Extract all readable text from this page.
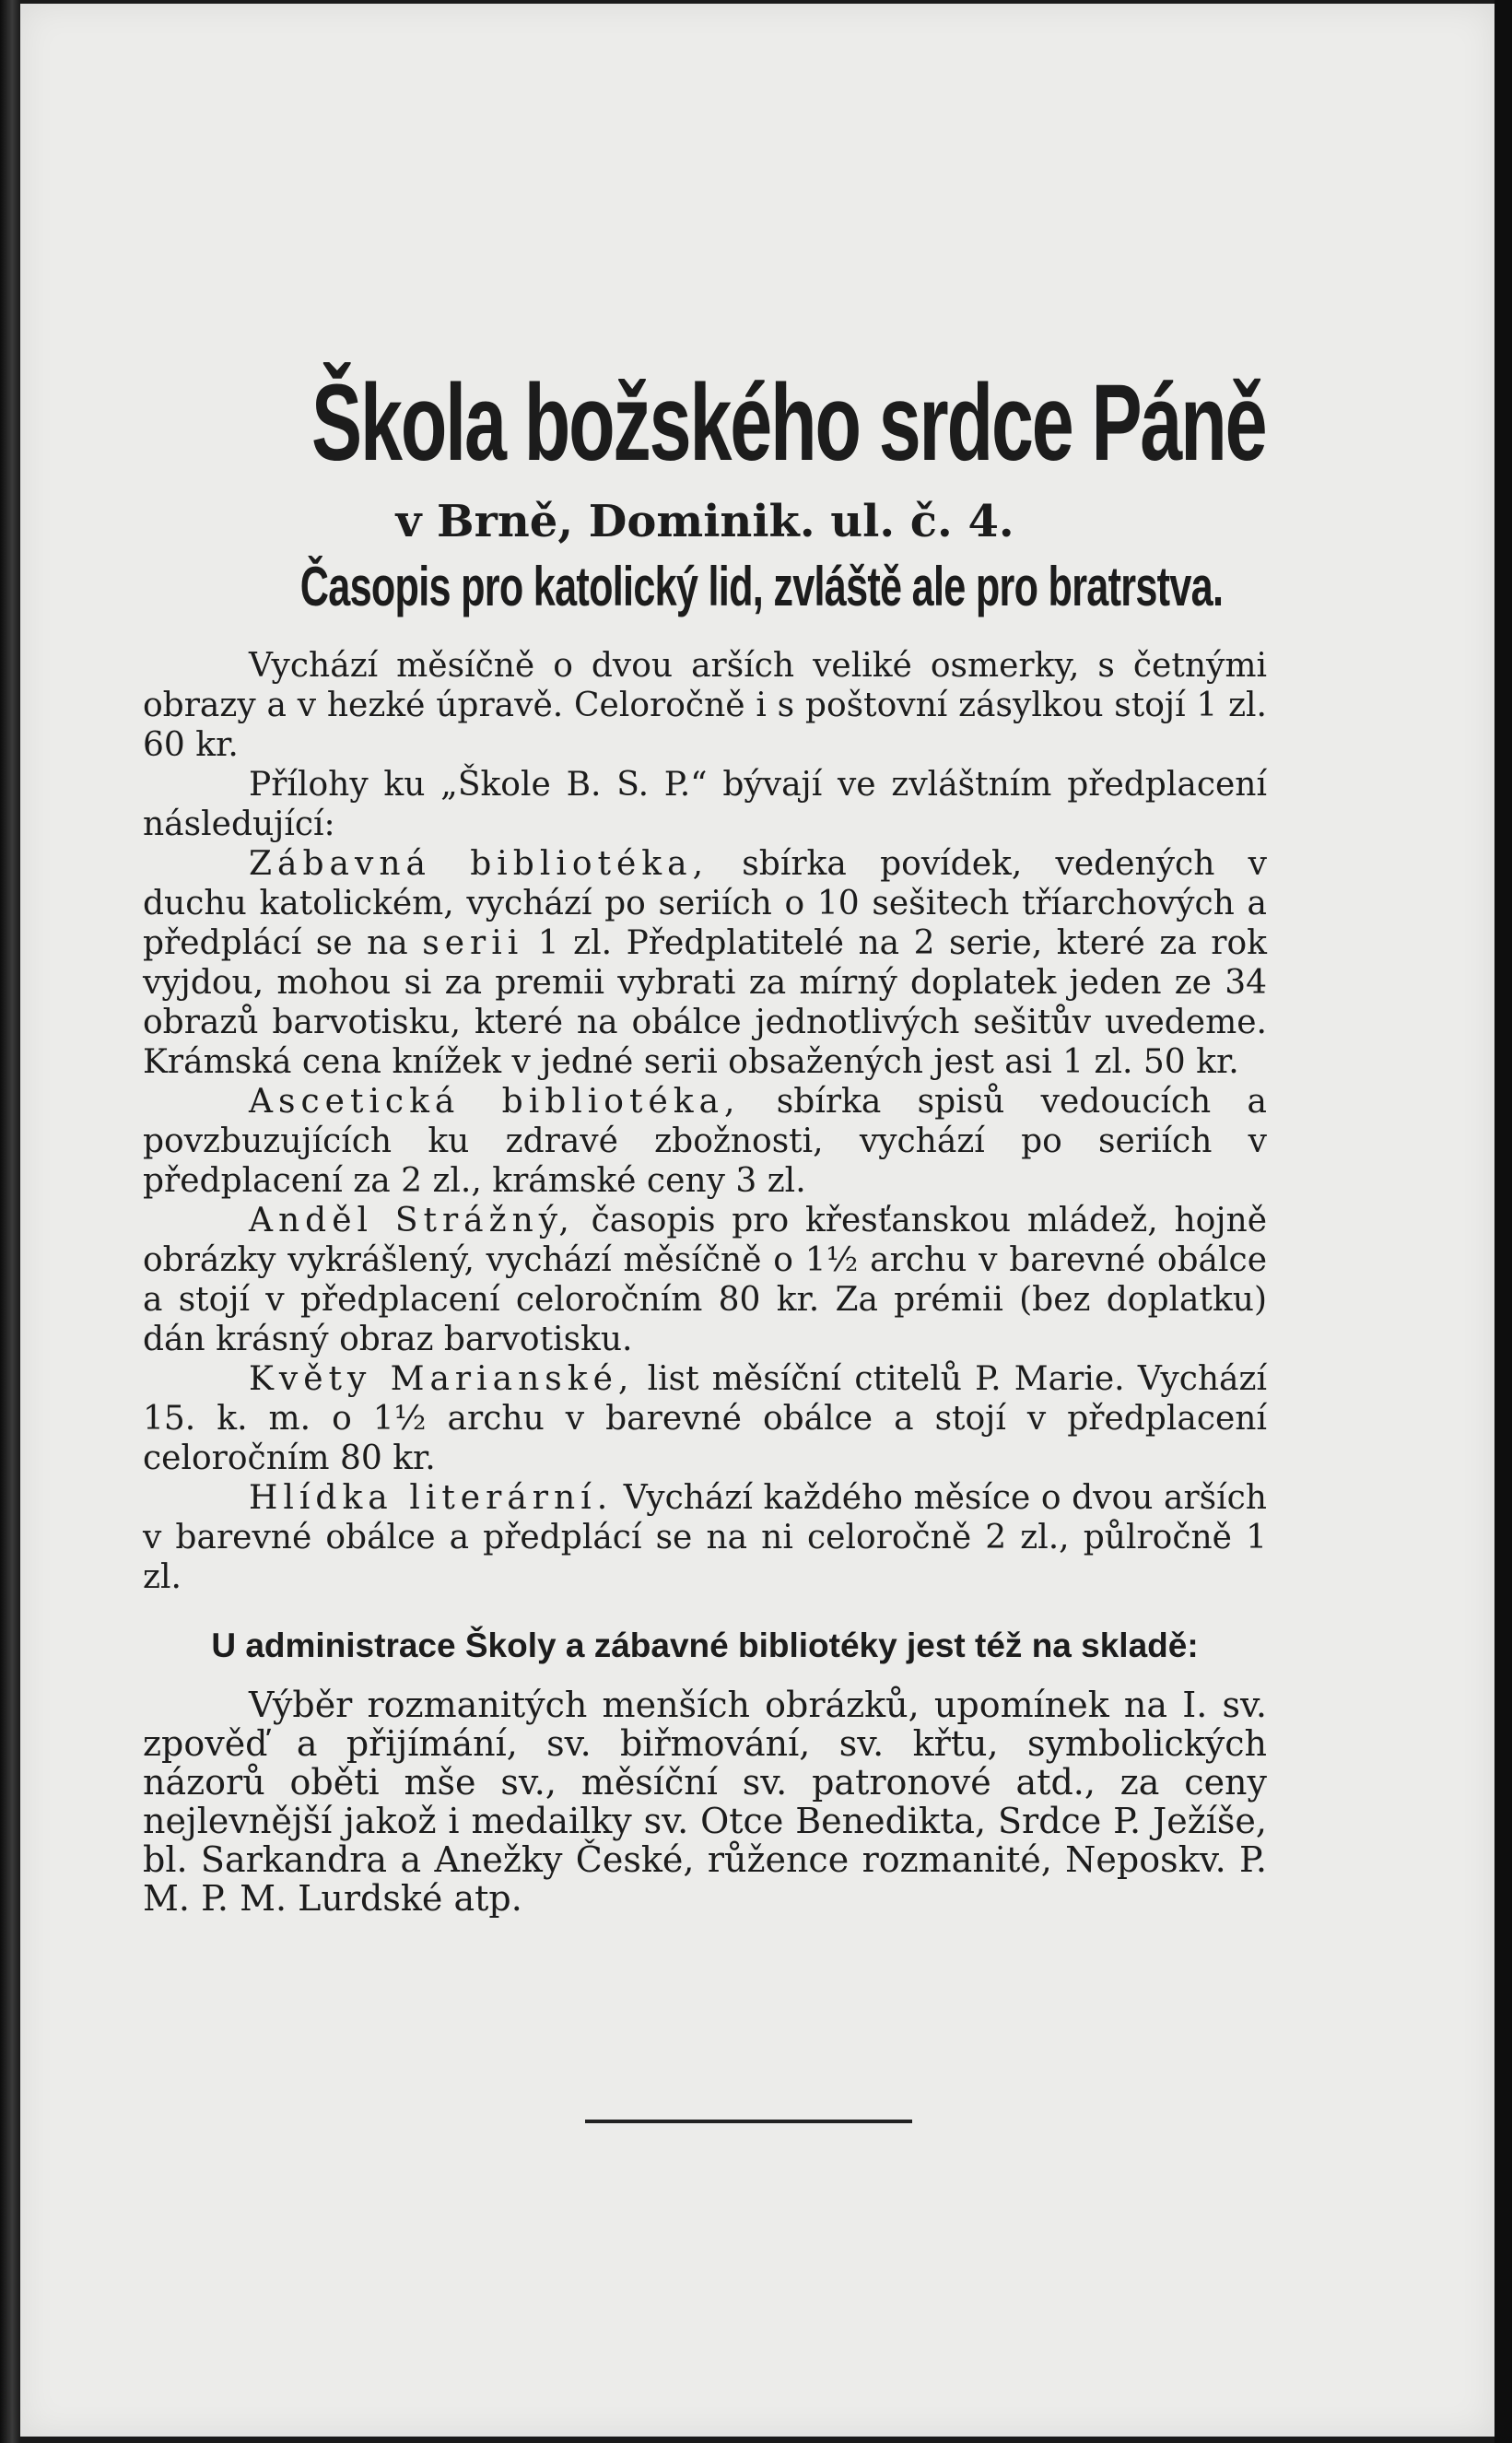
Škola božského srdce Páně
v Brně, Dominik. ul. č. 4.
Časopis pro katolický lid, zvláště ale pro bratrstva.

Vychází měsíčně o dvou arších veliké osmerky, s četnými obrazy a v hezké úpravě. Celoročně i s poštovní zásylkou stojí 1 zl. 60 kr.

Přílohy ku „Škole B. S. P.“ bývají ve zvláštním předplacení následující:

Zábavná bibliotéka, sbírka povídek, vedených v duchu katolickém, vychází po seriích o 10 sešitech tříarchových a předplácí se na serii 1 zl. Předplatitelé na 2 serie, které za rok vyjdou, mohou si za premii vybrati za mírný doplatek jeden ze 34 obrazů barvotisku, které na obálce jednotlivých sešitův uvedeme. Krámská cena knížek v jedné serii obsažených jest asi 1 zl. 50 kr.

Ascetická bibliotéka, sbírka spisů vedoucích a povzbuzujících ku zdravé zbožnosti, vychází po seriích v předplacení za 2 zl., krámské ceny 3 zl.

Anděl Strážný, časopis pro křesťanskou mládež, hojně obrázky vykrášlený, vychází měsíčně o 1½ archu v barevné obálce a stojí v předplacení celoročním 80 kr. Za prémii (bez doplatku) dán krásný obraz barvotisku.

Květy Marianské, list měsíční ctitelů P. Marie. Vychází 15. k. m. o 1½ archu v barevné obálce a stojí v předplacení celoročním 80 kr.

Hlídka literární. Vychází každého měsíce o dvou arších v barevné obálce a předplácí se na ni celoročně 2 zl., půlročně 1 zl.

U administrace Školy a zábavné bibliotéky jest též na skladě:

Výběr rozmanitých menších obrázků, upomínek na I. sv. zpověď a přijímání, sv. biřmování, sv. křtu, symbolických názorů oběti mše sv., měsíční sv. patronové atd., za ceny nejlevnější jakož i medailky sv. Otce Benedikta, Srdce P. Ježíše, bl. Sarkandra a Anežky České, růžence rozmanité, Neposkv. P. M. P. M. Lurdské atp.
